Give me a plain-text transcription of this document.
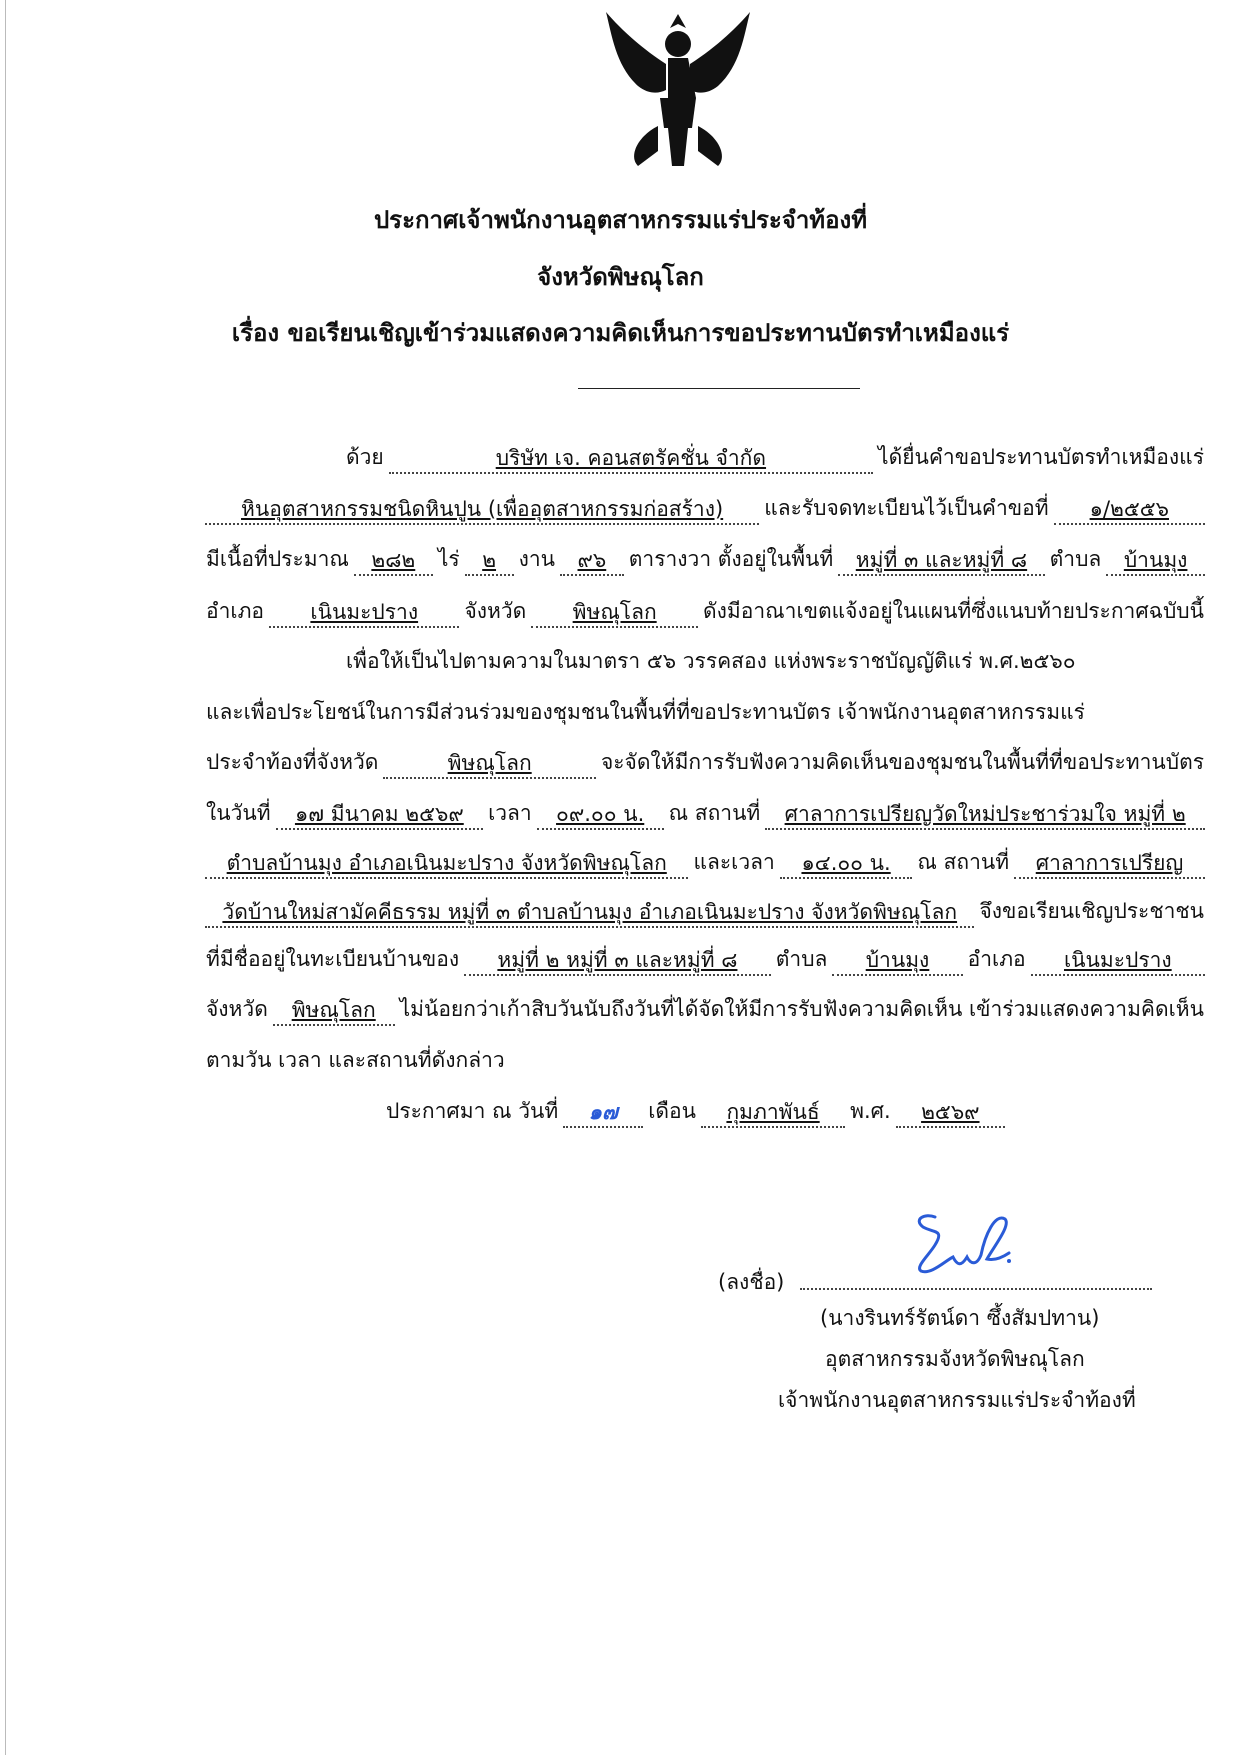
ประกาศเจ้าพนักงานอุตสาหกรรมแร่ประจำท้องที่
จังหวัดพิษณุโลก
เรื่อง ขอเรียนเชิญเข้าร่วมแสดงความคิดเห็นการขอประทานบัตรทำเหมืองแร่
ด้วย	บริษัท เจ. คอนสตรัคชั่น จำกัด	ได้ยื่นคำขอประทานบัตรทำเหมืองแร่
หินอุตสาหกรรมชนิดหินปูน (เพื่ออุตสาหกรรมก่อสร้าง)	และรับจดทะเบียนไว้เป็นคำขอที่	๑/๒๕๕๖
มีเนื้อที่ประมาณ	๒๘๒	ไร่	๒	งาน	๙๖	ตารางวา ตั้งอยู่ในพื้นที่	หมู่ที่ ๓ และหมู่ที่ ๘	ตำบล	บ้านมุง
อำเภอ	เนินมะปราง	จังหวัด	พิษณุโลก	ดังมีอาณาเขตแจ้งอยู่ในแผนที่ซึ่งแนบท้ายประกาศฉบับนี้
เพื่อให้เป็นไปตามความในมาตรา ๕๖ วรรคสอง แห่งพระราชบัญญัติแร่ พ.ศ.๒๕๖๐
และเพื่อประโยชน์ในการมีส่วนร่วมของชุมชนในพื้นที่ที่ขอประทานบัตร เจ้าพนักงานอุตสาหกรรมแร่
ประจำท้องที่จังหวัด	พิษณุโลก	จะจัดให้มีการรับฟังความคิดเห็นของชุมชนในพื้นที่ที่ขอประทานบัตร
ในวันที่	๑๗ มีนาคม ๒๕๖๙	เวลา	๐๙.๐๐ น.	ณ สถานที่	ศาลาการเปรียญวัดใหม่ประชาร่วมใจ หมู่ที่ ๒
ตำบลบ้านมุง อำเภอเนินมะปราง จังหวัดพิษณุโลก	และเวลา	๑๔.๐๐ น.	ณ สถานที่	ศาลาการเปรียญ
วัดบ้านใหม่สามัคคีธรรม หมู่ที่ ๓ ตำบลบ้านมุง อำเภอเนินมะปราง จังหวัดพิษณุโลก	จึงขอเรียนเชิญประชาชน
ที่มีชื่ออยู่ในทะเบียนบ้านของ	หมู่ที่ ๒ หมู่ที่ ๓ และหมู่ที่ ๘	ตำบล	บ้านมุง	อำเภอ	เนินมะปราง
จังหวัด	พิษณุโลก	ไม่น้อยกว่าเก้าสิบวันนับถึงวันที่ได้จัดให้มีการรับฟังความคิดเห็น เข้าร่วมแสดงความคิดเห็น
ตามวัน เวลา และสถานที่ดังกล่าว
ประกาศมา ณ วันที่	๑๗	เดือน	กุมภาพันธ์	พ.ศ.	๒๕๖๙
(ลงชื่อ)
(นางรินทร์รัตน์ดา ซึ้งสัมปทาน)
อุตสาหกรรมจังหวัดพิษณุโลก
เจ้าพนักงานอุตสาหกรรมแร่ประจำท้องที่
